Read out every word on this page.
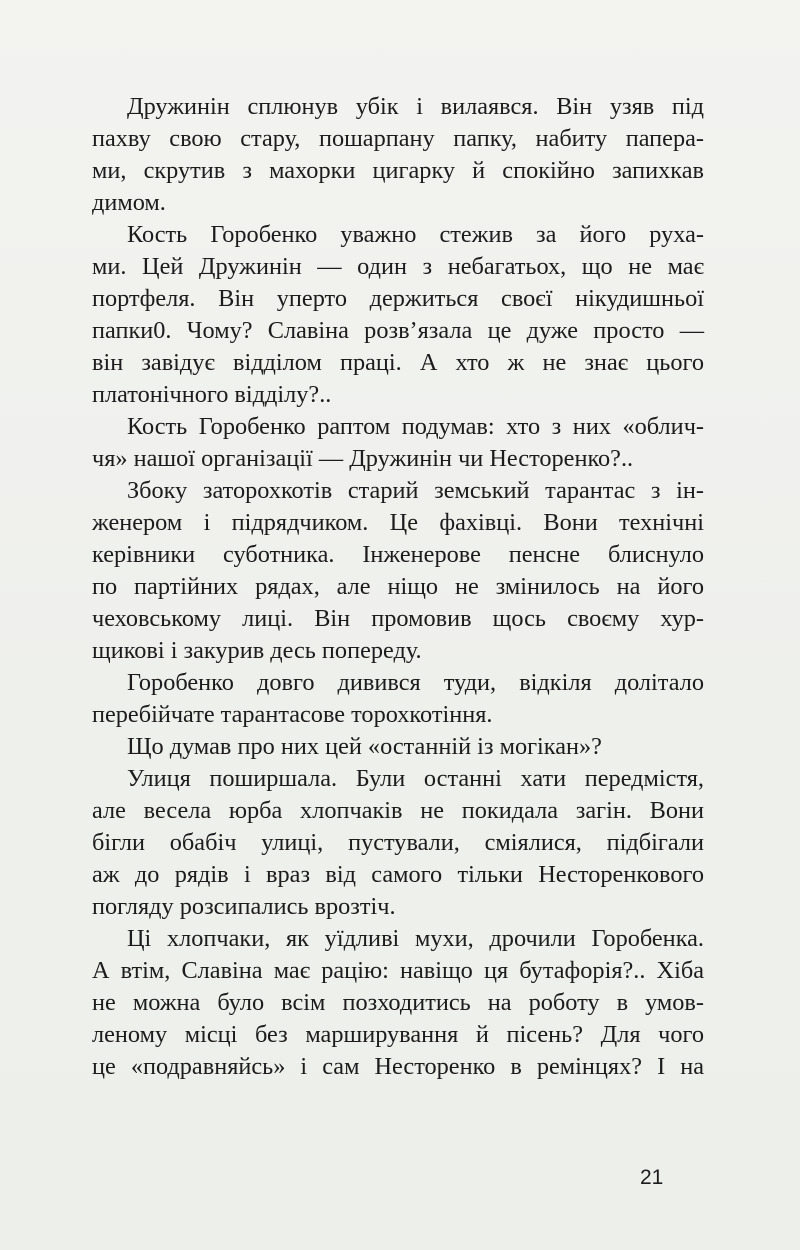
Дружинін сплюнув убік і вилаявся. Він узяв під
пахву свою стару, пошарпану папку, набиту папера-
ми, скрутив з махорки цигарку й спокійно запихкав
димом.
Кость Горобенко уважно стежив за його руха-
ми. Цей Дружинін — один з небагатьох, що не має
портфеля. Він уперто держиться своєї нікудишньої
папки0. Чому? Славіна розв’язала це дуже просто —
він завідує відділом праці. А хто ж не знає цього
платонічного відділу?..
Кость Горобенко раптом подумав: хто з них «облич-
чя» нашої організації — Дружинін чи Несторенко?..
Збоку заторохкотів старий земський тарантас з ін-
женером і підрядчиком. Це фахівці. Вони технічні
керівники суботника. Інженерове пенсне блиснуло
по партійних рядах, але ніщо не змінилось на його
чеховському лиці. Він промовив щось своєму хур-
щикові і закурив десь попереду.
Горобенко довго дивився туди, відкіля долітало
перебійчате тарантасове торохкотіння.
Що думав про них цей «останній із могікан»?
Улиця поширшала. Були останні хати передмістя,
але весела юрба хлопчаків не покидала загін. Вони
бігли обабіч улиці, пустували, сміялися, підбігали
аж до рядів і враз від самого тільки Несторенкового
погляду розсипались врозтіч.
Ці хлопчаки, як уїдливі мухи, дрочили Горобенка.
А втім, Славіна має рацію: навіщо ця бутафорія?.. Хіба
не можна було всім позходитись на роботу в умов-
леному місці без марширування й пісень? Для чого
це «подравняйсь» і сам Несторенко в ремінцях? І на
21
